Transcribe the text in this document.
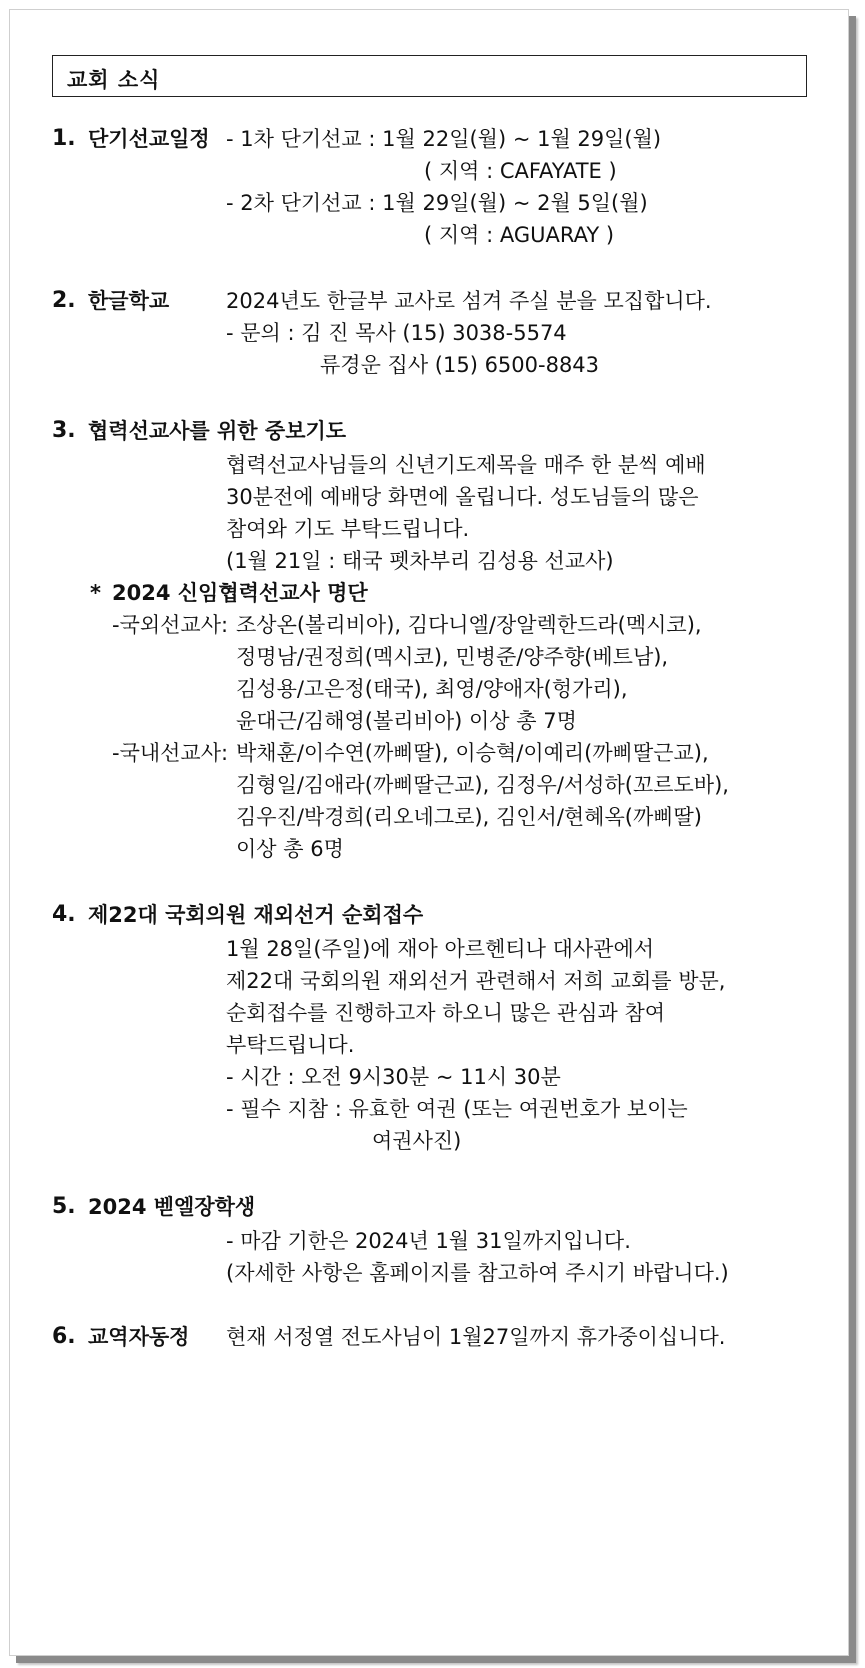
교회 소식
1. 단기선교일정 - 1차 단기선교 : 1월 22일(월) ~ 1월 29일(월)
( 지역 : CAFAYATE )
- 2차 단기선교 : 1월 29일(월) ~ 2월 5일(월)
( 지역 : AGUARAY )
2. 한글학교	2024년도 한글부 교사로 섬겨 주실 분을 모집합니다.
- 문의 : 김 진 목사 (15) 3038-5574
류경운 집사 (15) 6500-8843
3. 협력선교사를 위한 중보기도
협력선교사님들의 신년기도제목을 매주 한 분씩 예배
30분전에 예배당 화면에 올립니다. 성도님들의 많은
참여와 기도 부탁드립니다.
(1월 21일 : 태국 펫차부리 김성용 선교사)
* 2024 신임협력선교사 명단
-국외선교사: 조상온(볼리비아), 김다니엘/장알렉한드라(멕시코),
정명남/권정희(멕시코), 민병준/양주향(베트남),
김성용/고은정(태국), 최영/양애자(헝가리),
윤대근/김해영(볼리비아) 이상 총 7명
-국내선교사: 박채훈/이수연(까삐딸), 이승혁/이예리(까삐딸근교),
김형일/김애라(까삐딸근교), 김정우/서성하(꼬르도바),
김우진/박경희(리오네그로), 김인서/현혜옥(까삐딸)
이상 총 6명
4. 제22대 국회의원 재외선거 순회접수
1월 28일(주일)에 재아 아르헨티나 대사관에서
제22대 국회의원 재외선거 관련해서 저희 교회를 방문,
순회접수를 진행하고자 하오니 많은 관심과 참여
부탁드립니다.
- 시간 : 오전 9시30분 ~ 11시 30분
- 필수 지참 : 유효한 여권 (또는 여권번호가 보이는
여권사진)
5. 2024 벧엘장학생
- 마감 기한은 2024년 1월 31일까지입니다.
(자세한 사항은 홈페이지를 참고하여 주시기 바랍니다.)
6. 교역자동정 현재 서정열 전도사님이 1월27일까지 휴가중이십니다.
